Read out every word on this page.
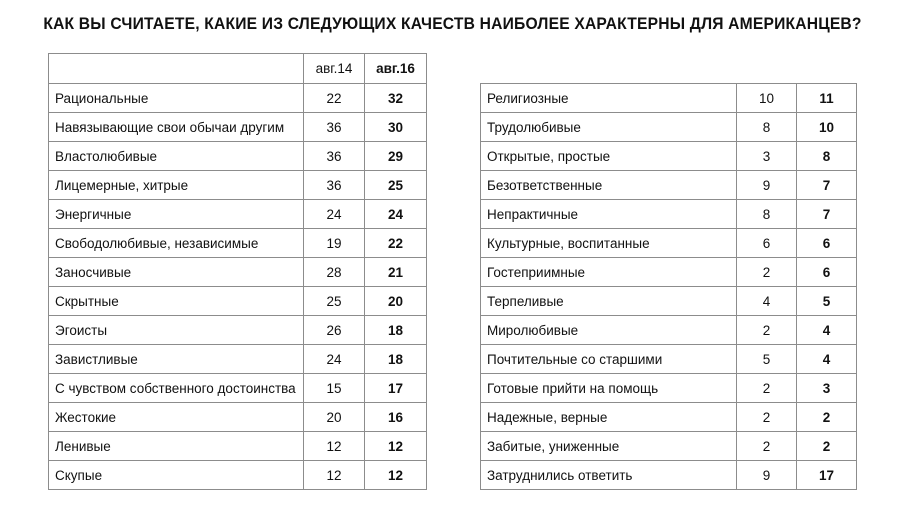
КАК ВЫ СЧИТАЕТЕ, КАКИЕ ИЗ СЛЕДУЮЩИХ КАЧЕСТВ НАИБОЛЕЕ ХАРАКТЕРНЫ ДЛЯ АМЕРИКАНЦЕВ?
	авг.14	авг.16
Рациональные	22	32
Навязывающие свои обычаи другим	36	30
Властолюбивые	36	29
Лицемерные, хитрые	36	25
Энергичные	24	24
Свободолюбивые, независимые	19	22
Заносчивые	28	21
Скрытные	25	20
Эгоисты	26	18
Завистливые	24	18
С чувством собственного достоинства	15	17
Жестокие	20	16
Ленивые	12	12
Скупые	12	12
Религиозные	10	11
Трудолюбивые	8	10
Открытые, простые	3	8
Безответственные	9	7
Непрактичные	8	7
Культурные, воспитанные	6	6
Гостеприимные	2	6
Терпеливые	4	5
Миролюбивые	2	4
Почтительные со старшими	5	4
Готовые прийти на помощь	2	3
Надежные, верные	2	2
Забитые, униженные	2	2
Затруднились ответить	9	17
